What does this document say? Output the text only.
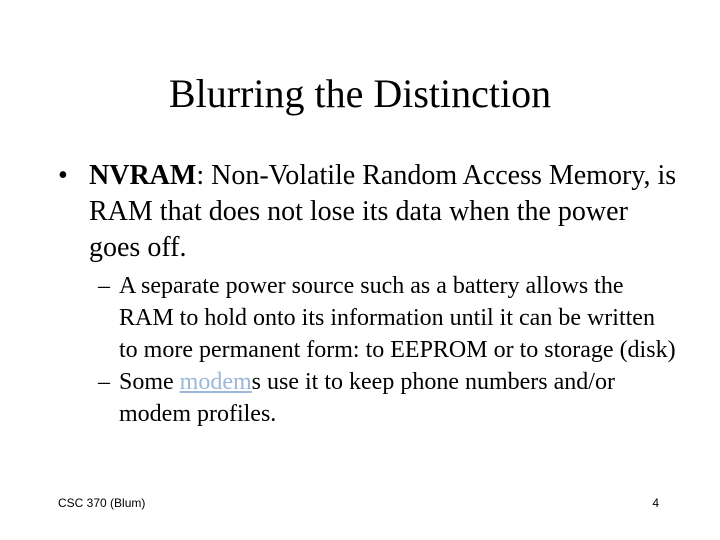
Blurring the Distinction
• NVRAM: Non-Volatile Random Access Memory, is RAM that does not lose its data when the power goes off.
– A separate power source such as a battery allows the RAM to hold onto its information until it can be written to more permanent form: to EEPROM or to storage (disk)
– Some modems use it to keep phone numbers and/or modem profiles.
CSC 370 (Blum)	4
